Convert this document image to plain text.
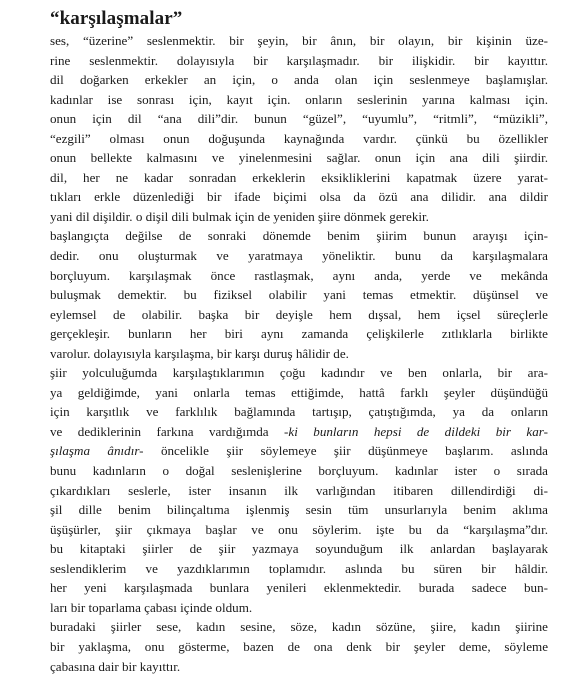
“karşılaşmalar”
ses, “üzerine” seslenmektir. bir şeyin, bir ânın, bir olayın, bir kişinin üze-
rine seslenmektir. dolayısıyla bir karşılaşmadır. bir ilişkidir. bir kayıttır.
dil doğarken erkekler an için, o anda olan için seslenmeye başlamışlar.
kadınlar ise sonrası için, kayıt için. onların seslerinin yarına kalması için.
onun için dil “ana dili”dir. bunun “güzel”, “uyumlu”, “ritmli”, “müzikli”,
“ezgili” olması onun doğuşunda kaynağında vardır. çünkü bu özellikler
onun bellekte kalmasını ve yinelenmesini sağlar. onun için ana dili şiirdir.
dil, her ne kadar sonradan erkeklerin eksikliklerini kapatmak üzere yarat-
tıkları erkle düzenlediği bir ifade biçimi olsa da özü ana dilidir. ana dildir
yani dil dişildir. o dişil dili bulmak için de yeniden şiire dönmek gerekir.
başlangıçta değilse de sonraki dönemde benim şiirim bunun arayışı için-
dedir. onu oluşturmak ve yaratmaya yöneliktir. bunu da karşılaşmalara
borçluyum. karşılaşmak önce rastlaşmak, aynı anda, yerde ve mekânda
buluşmak demektir. bu fiziksel olabilir yani temas etmektir. düşünsel ve
eylemsel de olabilir. başka bir deyişle hem dışsal, hem içsel süreçlerle
gerçekleşir. bunların her biri aynı zamanda çelişkilerle zıtlıklarla birlikte
varolur. dolayısıyla karşılaşma, bir karşı duruş hâlidir de.
şiir yolculuğumda karşılaştıklarımın çoğu kadındır ve ben onlarla, bir ara-
ya geldiğimde, yani onlarla temas ettiğimde, hattâ farklı şeyler düşündüğü
için karşıtlık ve farklılık bağlamında tartışıp, çatıştığımda, ya da onların
ve dediklerinin farkına vardığımda -ki bunların hepsi de dildeki bir kar-
şılaşma ânıdır- öncelikle şiir söylemeye şiir düşünmeye başlarım. aslında
bunu kadınların o doğal seslenişlerine borçluyum. kadınlar ister o sırada
çıkardıkları seslerle, ister insanın ilk varlığından itibaren dillendirdiği di-
şil dille benim bilinçaltıma işlenmiş sesin tüm unsurlarıyla benim aklıma
üşüşürler, şiir çıkmaya başlar ve onu söylerim. işte bu da “karşılaşma”dır.
bu kitaptaki şiirler de şiir yazmaya soyunduğum ilk anlardan başlayarak
seslendiklerim ve yazdıklarımın toplamıdır. aslında bu süren bir hâldir.
her yeni karşılaşmada bunlara yenileri eklenmektedir. burada sadece bun-
ları bir toparlama çabası içinde oldum.
buradaki şiirler sese, kadın sesine, söze, kadın sözüne, şiire, kadın şiirine
bir yaklaşma, onu gösterme, bazen de ona denk bir şeyler deme, söyleme
çabasına dair bir kayıttır.
